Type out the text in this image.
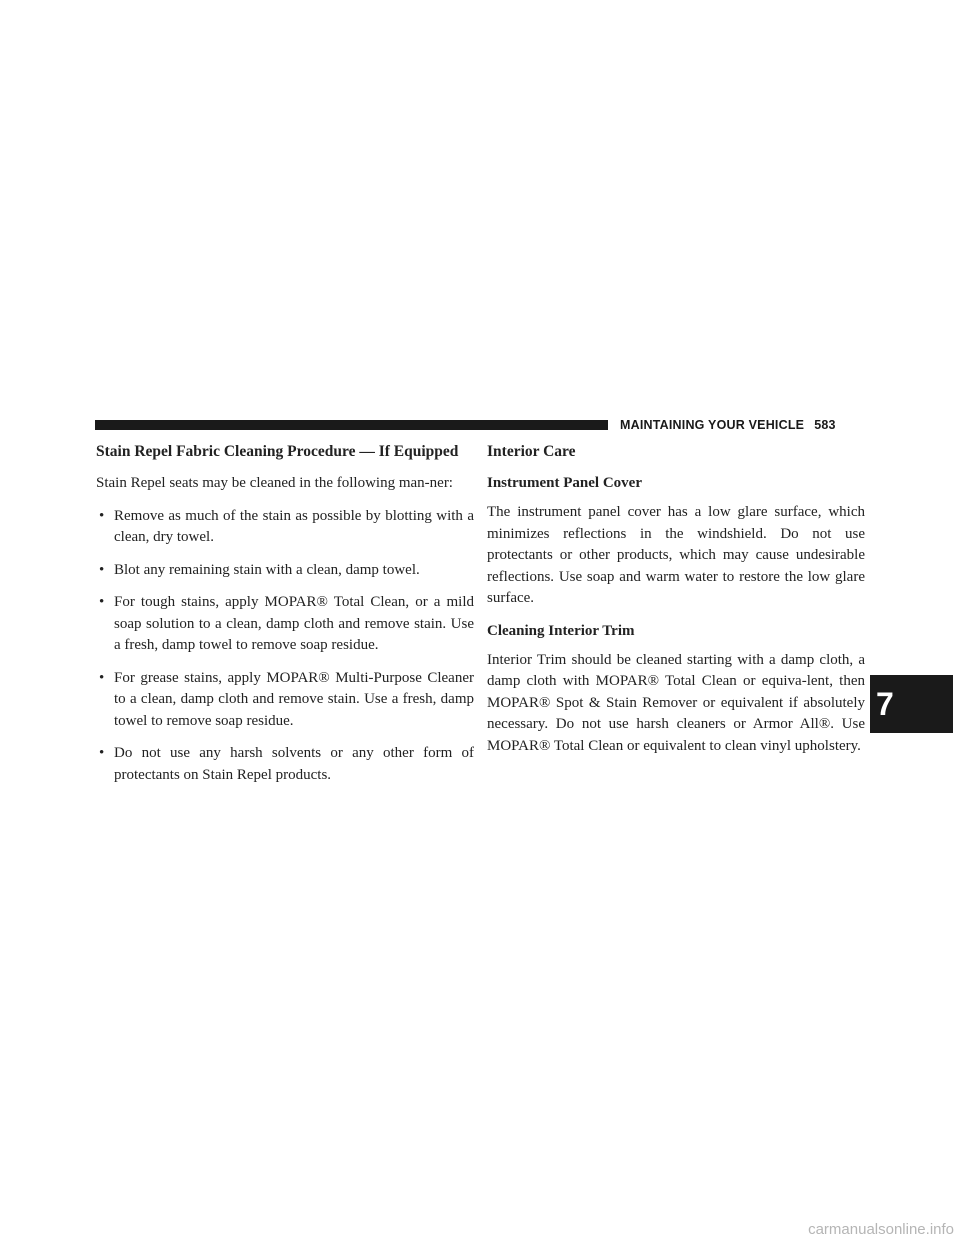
MAINTAINING YOUR VEHICLE 583
Stain Repel Fabric Cleaning Procedure — If Equipped

Stain Repel seats may be cleaned in the following man-ner:

• Remove as much of the stain as possible by blotting with a clean, dry towel.
• Blot any remaining stain with a clean, damp towel.
• For tough stains, apply MOPAR® Total Clean, or a mild soap solution to a clean, damp cloth and remove stain. Use a fresh, damp towel to remove soap residue.
• For grease stains, apply MOPAR® Multi-Purpose Cleaner to a clean, damp cloth and remove stain. Use a fresh, damp towel to remove soap residue.
• Do not use any harsh solvents or any other form of protectants on Stain Repel products.
Interior Care
Instrument Panel Cover

The instrument panel cover has a low glare surface, which minimizes reflections in the windshield. Do not use protectants or other products, which may cause undesirable reflections. Use soap and warm water to restore the low glare surface.

Cleaning Interior Trim

Interior Trim should be cleaned starting with a damp cloth, a damp cloth with MOPAR® Total Clean or equiva-lent, then MOPAR® Spot & Stain Remover or equivalent if absolutely necessary. Do not use harsh cleaners or Armor All®. Use MOPAR® Total Clean or equivalent to clean vinyl upholstery.

7
carmanualsonline.info
